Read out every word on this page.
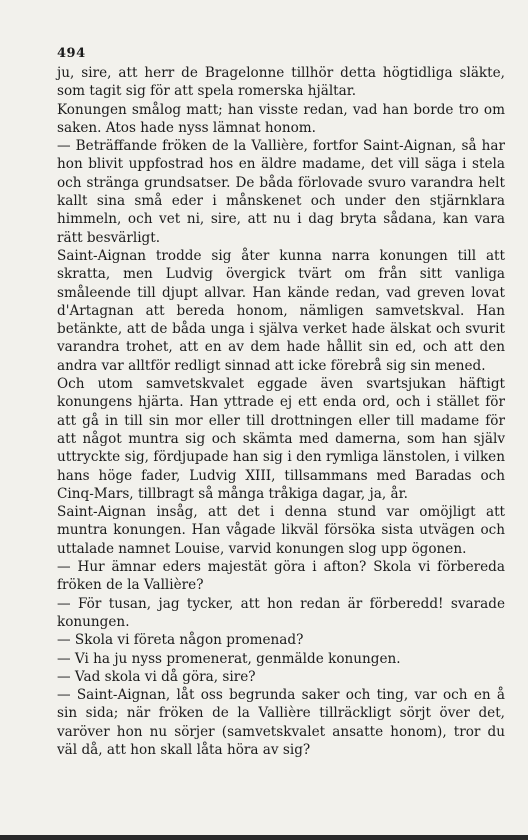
494

ju, sire, att herr de Bragelonne tillhör detta högtidliga släkte, som tagit sig för att spela romerska hjältar.

Konungen smålog matt; han visste redan, vad han borde tro om saken. Atos hade nyss lämnat honom.

— Beträffande fröken de la Vallière, fortfor Saint-Aignan, så har hon blivit uppfostrad hos en äldre madame, det vill säga i stela och stränga grundsatser. De båda förlovade svuro varandra helt kallt sina små eder i månskenet och under den stjärnklara himmeln, och vet ni, sire, att nu i dag bryta sådana, kan vara rätt besvärligt.

Saint-Aignan trodde sig åter kunna narra konungen till att skratta, men Ludvig övergick tvärt om från sitt vanliga småleende till djupt allvar. Han kände redan, vad greven lovat d'Artagnan att bereda honom, nämligen samvetskval. Han betänkte, att de båda unga i själva verket hade älskat och svurit varandra trohet, att en av dem hade hållit sin ed, och att den andra var alltför redligt sinnad att icke förebrå sig sin mened.

Och utom samvetskvalet eggade även svartsjukan häftigt konungens hjärta. Han yttrade ej ett enda ord, och i stället för att gå in till sin mor eller till drottningen eller till madame för att något muntra sig och skämta med damerna, som han själv uttryckte sig, fördjupade han sig i den rymliga länstolen, i vilken hans höge fader, Ludvig XIII, tillsammans med Baradas och Cinq-Mars, tillbragt så många tråkiga dagar, ja, år.

Saint-Aignan insåg, att det i denna stund var omöjligt att muntra konungen. Han vågade likväl försöka sista utvägen och uttalade namnet Louise, varvid konungen slog upp ögonen.

— Hur ämnar eders majestät göra i afton? Skola vi förbereda fröken de la Vallière?

— För tusan, jag tycker, att hon redan är förberedd! svarade konungen.

— Skola vi företa någon promenad?

— Vi ha ju nyss promenerat, genmälde konungen.

— Vad skola vi då göra, sire?

— Saint-Aignan, låt oss begrunda saker och ting, var och en å sin sida; när fröken de la Vallière tillräckligt sörjt över det, varöver hon nu sörjer (samvetskvalet ansatte honom), tror du väl då, att hon skall låta höra av sig?
